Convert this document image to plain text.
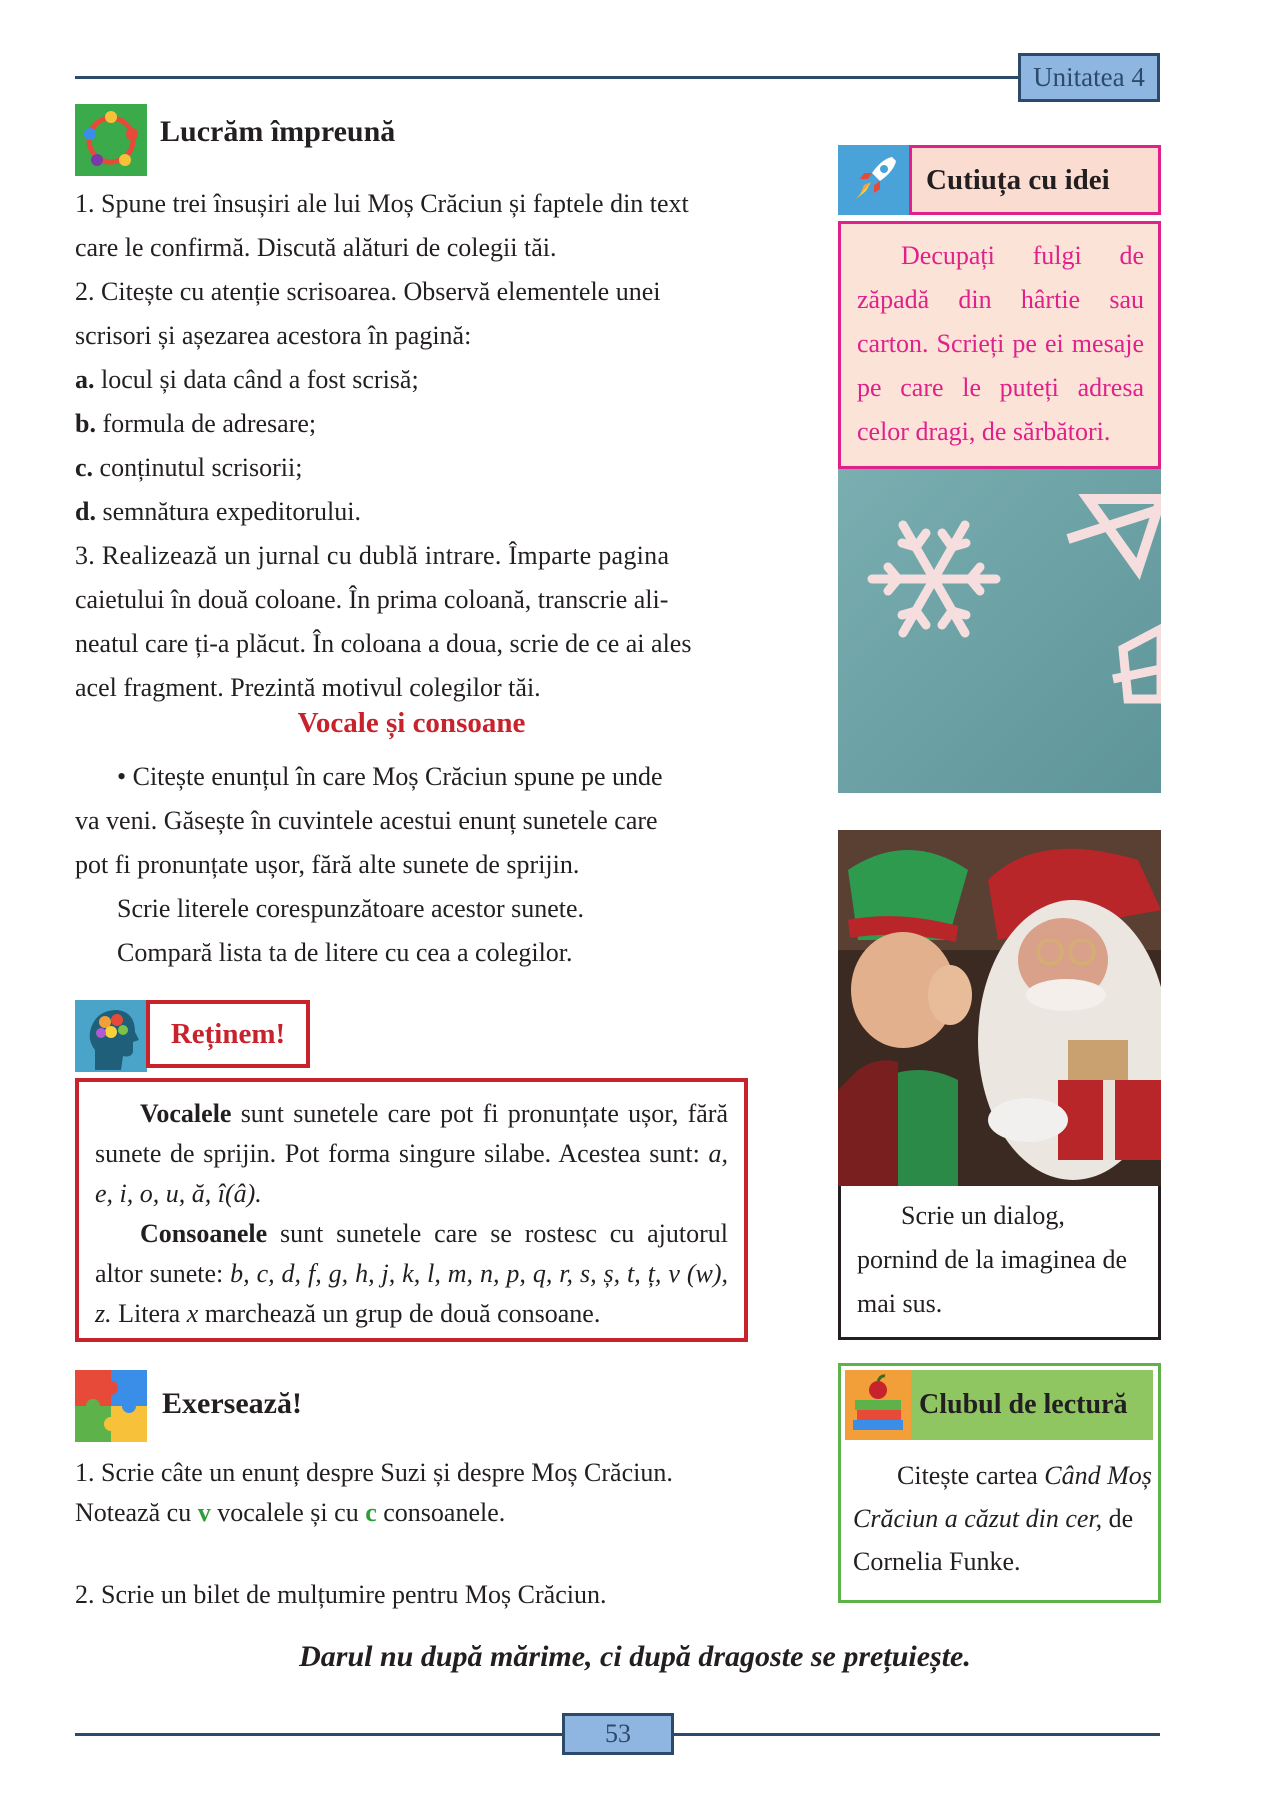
Unitatea 4
Lucrăm împreună

1. Spune trei însușiri ale lui Moș Crăciun și faptele din text

care le confirmă. Discută alături de colegii tăi.

2. Citește cu atenție scrisoarea. Observă elementele unei

scrisori și așezarea acestora în pagină:

a. locul și data când a fost scrisă;

b. formula de adresare;

c. conținutul scrisorii;

d. semnătura expeditorului.

3. Realizează un jurnal cu dublă intrare. Împarte pagina

caietului în două coloane. În prima coloană, transcrie ali-

neatul care ți-a plăcut. În coloana a doua, scrie de ce ai ales

acel fragment. Prezintă motivul colegilor tăi.

Vocale și consoane

• Citește enunțul în care Moș Crăciun spune pe unde

va veni. Găsește în cuvintele acestui enunț sunetele care

pot fi pronunțate ușor, fără alte sunete de sprijin.

Scrie literele corespunzătoare acestor sunete.

Compară lista ta de litere cu cea a colegilor.

Reținem!

Vocalele sunt sunetele care pot fi pronunțate ușor, fără sunete de sprijin. Pot forma singure silabe. Acestea sunt: a, e, i, o, u, ă, î(â).

Consoanele sunt sunetele care se rostesc cu ajutorul altor sunete: b, c, d, f, g, h, j, k, l, m, n, p, q, r, s, ș, t, ț, v (w), z. Litera x marchează un grup de două consoane.

Exersează!

1. Scrie câte un enunț despre Suzi și despre Moș Crăciun.

Notează cu v vocalele și cu c consoanele.

2. Scrie un bilet de mulțumire pentru Moș Crăciun.

Cutiuța cu idei
Decupați fulgi de zăpadă din hârtie sau carton. Scrieți pe ei mesaje pe care le puteți adresa celor dragi, de sărbători.
Scrie un dialog, pornind de la imaginea de mai sus.
Clubul de lectură
Citește cartea Când Moș Crăciun a căzut din cer, de Cornelia Funke.
Darul nu după mărime, ci după dragoste se prețuiește.
53
